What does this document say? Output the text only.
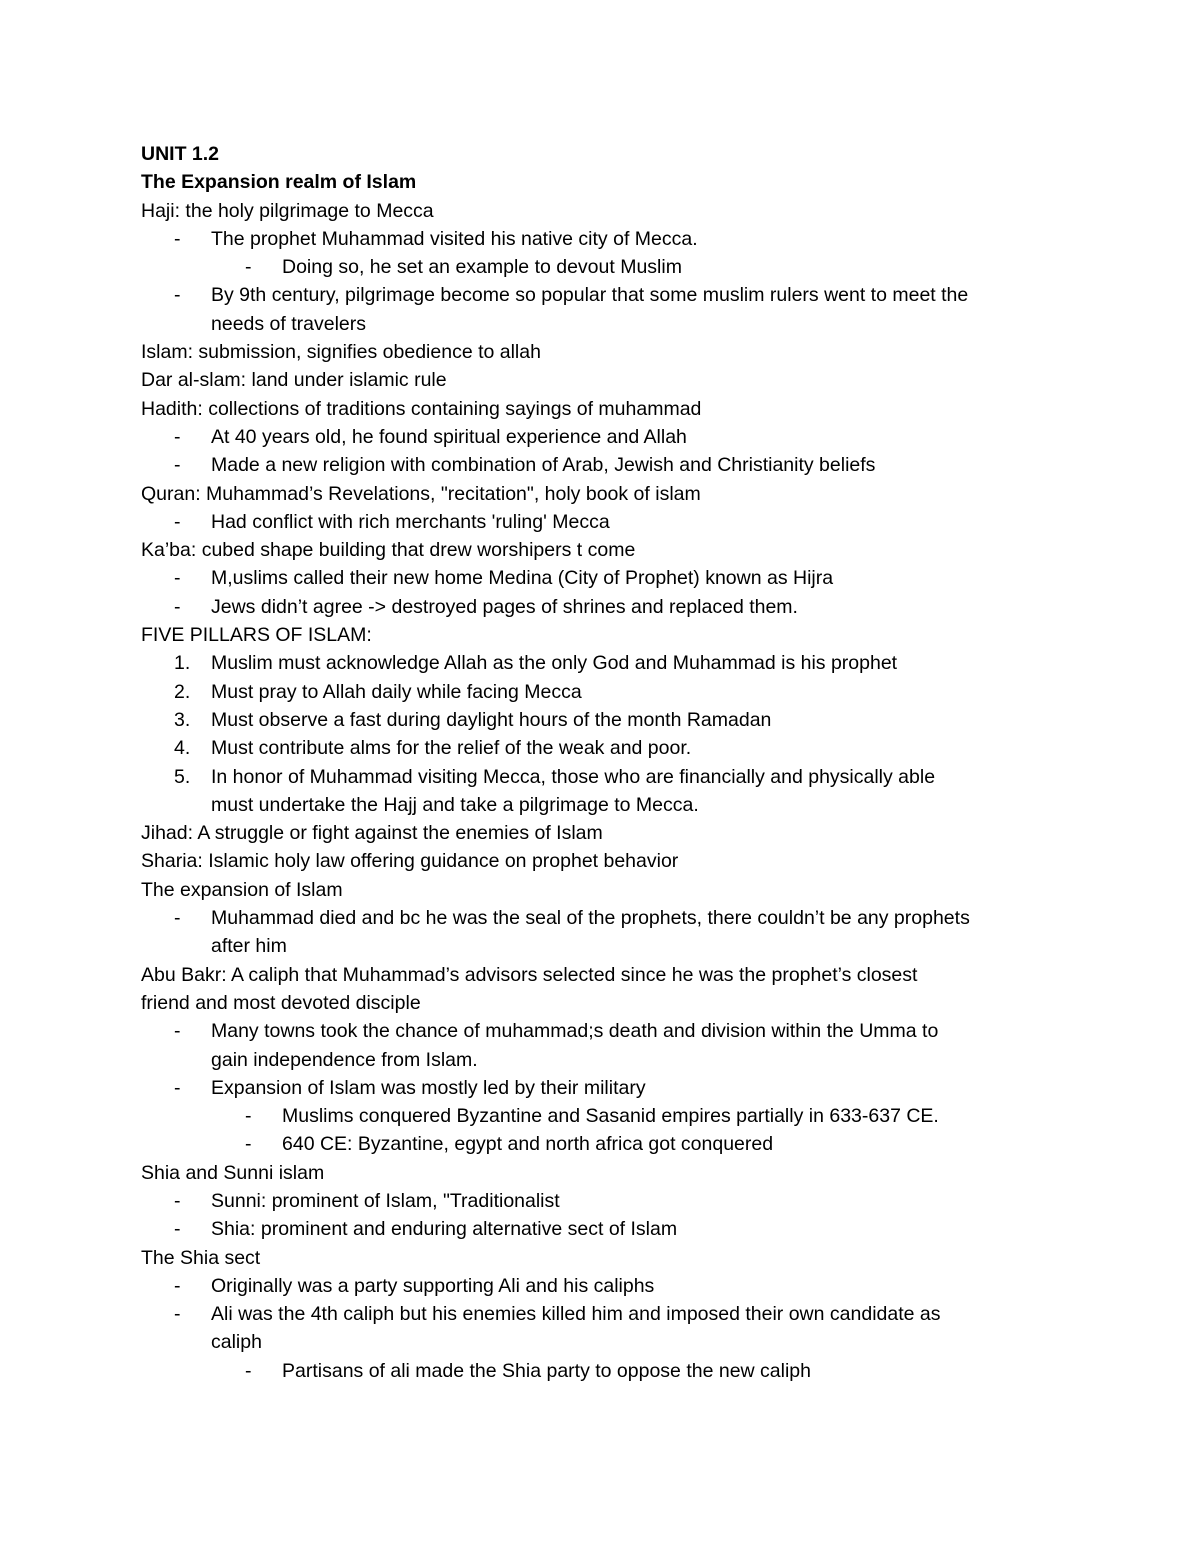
UNIT 1.2
The Expansion realm of Islam
Haji: the holy pilgrimage to Mecca
- The prophet Muhammad visited his native city of Mecca.
- Doing so, he set an example to devout Muslim
- By 9th century, pilgrimage become so popular that some muslim rulers went to meet the
needs of travelers
Islam: submission, signifies obedience to allah
Dar al-slam: land under islamic rule
Hadith: collections of traditions containing sayings of muhammad
- At 40 years old, he found spiritual experience and Allah
- Made a new religion with combination of Arab, Jewish and Christianity beliefs
Quran: Muhammad’s Revelations, "recitation", holy book of islam
- Had conflict with rich merchants 'ruling' Mecca
Ka’ba: cubed shape building that drew worshipers t come
- M,uslims called their new home Medina (City of Prophet) known as Hijra
- Jews didn’t agree -> destroyed pages of shrines and replaced them.
FIVE PILLARS OF ISLAM:
1. Muslim must acknowledge Allah as the only God and Muhammad is his prophet
2. Must pray to Allah daily while facing Mecca
3. Must observe a fast during daylight hours of the month Ramadan
4. Must contribute alms for the relief of the weak and poor.
5. In honor of Muhammad visiting Mecca, those who are financially and physically able
must undertake the Hajj and take a pilgrimage to Mecca.
Jihad: A struggle or fight against the enemies of Islam
Sharia: Islamic holy law offering guidance on prophet behavior
The expansion of Islam
- Muhammad died and bc he was the seal of the prophets, there couldn’t be any prophets
after him
Abu Bakr: A caliph that Muhammad’s advisors selected since he was the prophet’s closest
friend and most devoted disciple
- Many towns took the chance of muhammad;s death and division within the Umma to
gain independence from Islam.
- Expansion of Islam was mostly led by their military
- Muslims conquered Byzantine and Sasanid empires partially in 633-637 CE.
- 640 CE: Byzantine, egypt and north africa got conquered
Shia and Sunni islam
- Sunni: prominent of Islam, "Traditionalist
- Shia: prominent and enduring alternative sect of Islam
The Shia sect
- Originally was a party supporting Ali and his caliphs
- Ali was the 4th caliph but his enemies killed him and imposed their own candidate as
caliph
- Partisans of ali made the Shia party to oppose the new caliph
